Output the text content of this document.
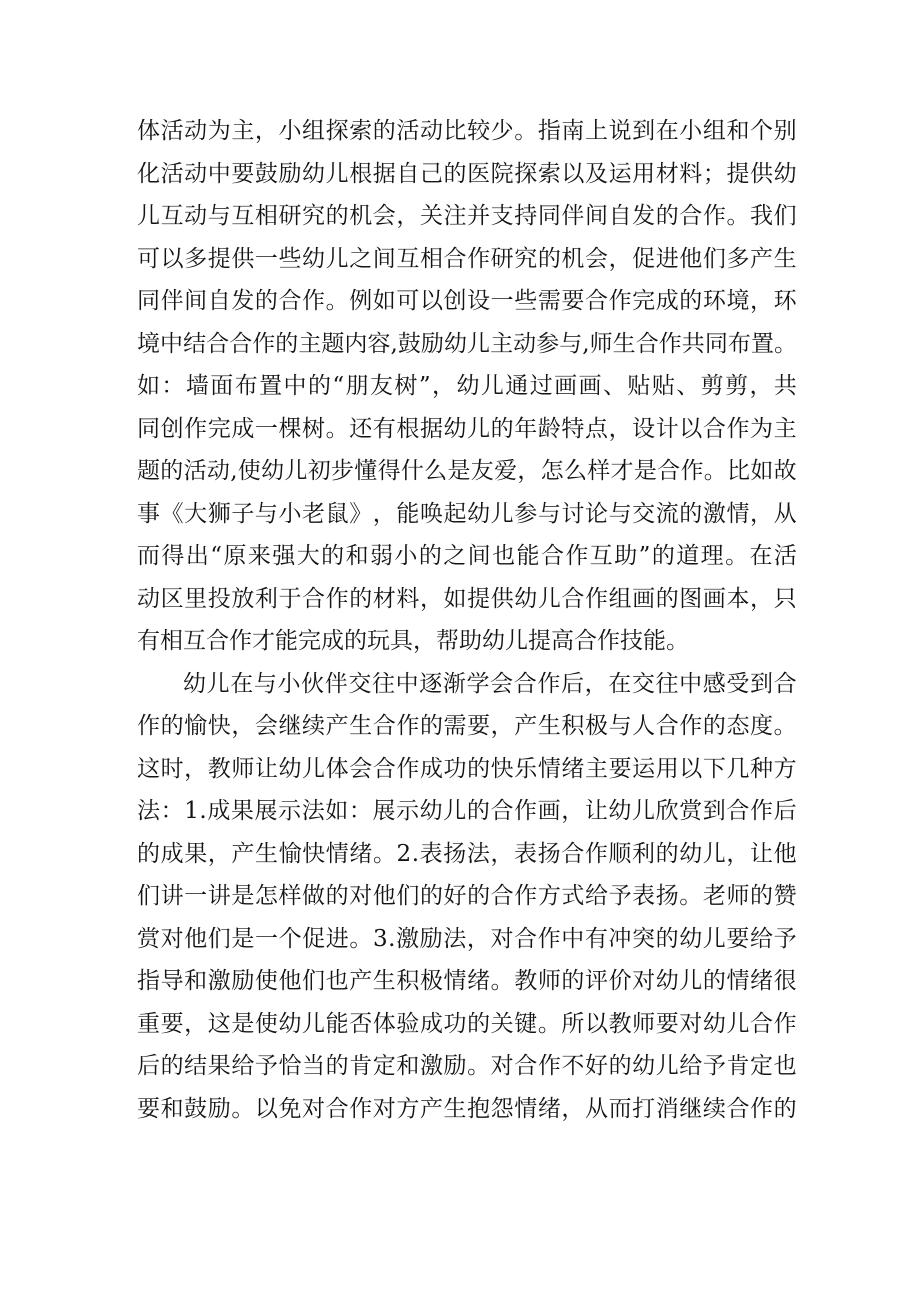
体 活 动 为 主 ， 小 组 探 索 的 活 动 比 较 少 。 指 南 上 说 到 在 小 组 和 个 别
化 活 动 中 要 鼓 励 幼 儿 根 据 自 己 的 医 院 探 索 以 及 运 用 材 料 ； 提 供 幼
儿 互 动 与 互 相 研 究 的 机 会 ， 关 注 并 支 持 同 伴 间 自 发 的 合 作 。 我 们
可 以 多 提 供 一 些 幼 儿 之 间 互 相 合 作 研 究 的 机 会 ， 促 进 他 们 多 产 生
同 伴 间 自 发 的 合 作 。 例 如 可 以 创 设 一 些 需 要 合 作 完 成 的 环 境 ， 环
境 中 结 合 合 作 的 主 题 内 容 , 鼓 励 幼 儿 主 动 参 与 , 师 生 合 作 共 同 布 置 。
如 ： 墙 面 布 置 中 的 “ 朋 友 树 ” ， 幼 儿 通 过 画 画 、 贴 贴 、 剪 剪 ， 共
同 创 作 完 成 一 棵 树 。 还 有 根 据 幼 儿 的 年 龄 特 点 ， 设 计 以 合 作 为 主
题 的 活 动 , 使 幼 儿 初 步 懂 得 什 么 是 友 爱 ， 怎 么 样 才 是 合 作 。 比 如 故
事 《 大 狮 子 与 小 老 鼠 》 ， 能 唤 起 幼 儿 参 与 讨 论 与 交 流 的 激 情 ， 从
而 得 出 “ 原 来 强 大 的 和 弱 小 的 之 间 也 能 合 作 互 助 ” 的 道 理 。 在 活
动 区 里 投 放 利 于 合 作 的 材 料 ， 如 提 供 幼 儿 合 作 组 画 的 图 画 本 ， 只
有相互合作才能完成的玩具，帮助幼儿提高合作技能。
幼 儿 在 与 小 伙 伴 交 往 中 逐 渐 学 会 合 作 后 ， 在 交 往 中 感 受 到 合
作 的 愉 快 ， 会 继 续 产 生 合 作 的 需 要 ， 产 生 积 极 与 人 合 作 的 态 度 。
这 时 ， 教 师 让 幼 儿 体 会 合 作 成 功 的 快 乐 情 绪 主 要 运 用 以 下 几 种 方
法 ： 1 . 成 果 展 示 法 如 ： 展 示 幼 儿 的 合 作 画 ， 让 幼 儿 欣 赏 到 合 作 后
的 成 果 ， 产 生 愉 快 情 绪 。 2 . 表 扬 法 ， 表 扬 合 作 顺 利 的 幼 儿 ， 让 他
们 讲 一 讲 是 怎 样 做 的 对 他 们 的 好 的 合 作 方 式 给 予 表 扬 。 老 师 的 赞
赏 对 他 们 是 一 个 促 进 。 3 . 激 励 法 ， 对 合 作 中 有 冲 突 的 幼 儿 要 给 予
指 导 和 激 励 使 他 们 也 产 生 积 极 情 绪 。 教 师 的 评 价 对 幼 儿 的 情 绪 很
重 要 ， 这 是 使 幼 儿 能 否 体 验 成 功 的 关 键 。 所 以 教 师 要 对 幼 儿 合 作
后 的 结 果 给 予 恰 当 的 肯 定 和 激 励 。 对 合 作 不 好 的 幼 儿 给 予 肯 定 也
要 和 鼓 励 。 以 免 对 合 作 对 方 产 生 抱 怨 情 绪 ， 从 而 打 消 继 续 合 作 的
